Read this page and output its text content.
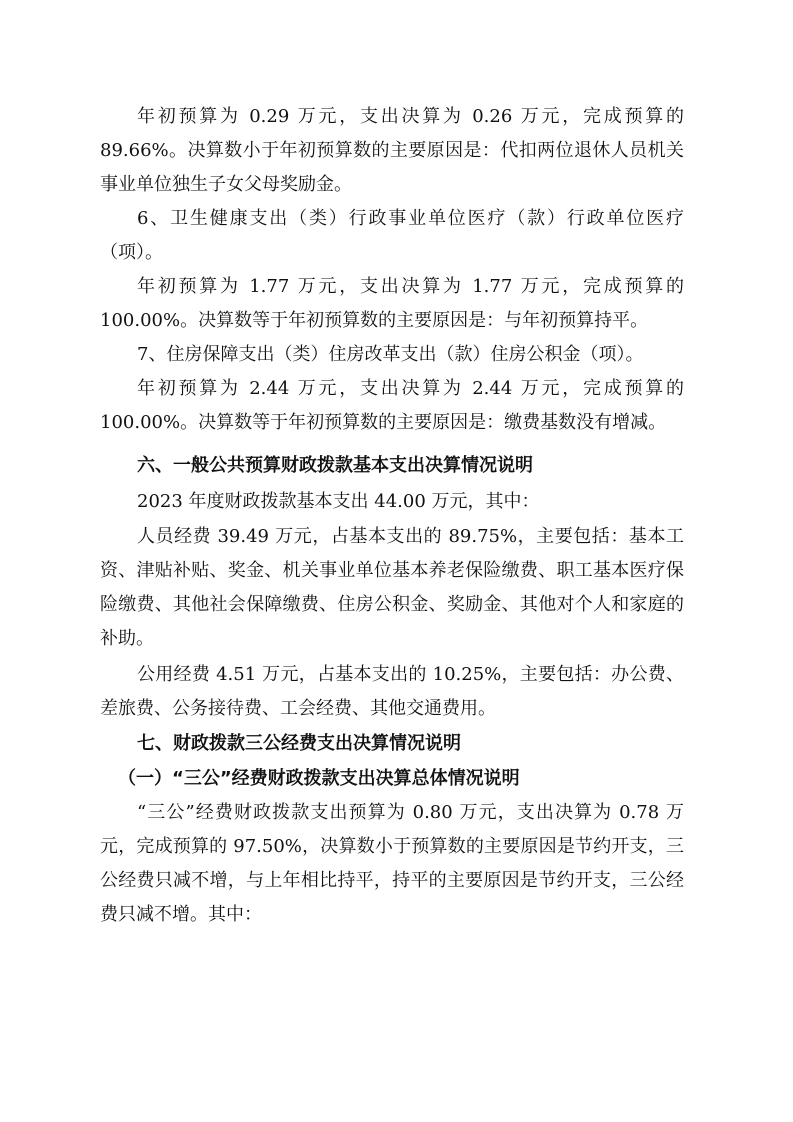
年初预算为 0.29 万元，支出决算为 0.26 万元，完成预算的 89.66%。决算数小于年初预算数的主要原因是：代扣两位退休人员机关事业单位独生子女父母奖励金。
6、卫生健康支出（类）行政事业单位医疗（款）行政单位医疗（项）。
年初预算为 1.77 万元，支出决算为 1.77 万元，完成预算的 100.00%。决算数等于年初预算数的主要原因是：与年初预算持平。
7、住房保障支出（类）住房改革支出（款）住房公积金（项）。
年初预算为 2.44 万元，支出决算为 2.44 万元，完成预算的 100.00%。决算数等于年初预算数的主要原因是：缴费基数没有增减。
六、一般公共预算财政拨款基本支出决算情况说明
2023 年度财政拨款基本支出 44.00 万元，其中：
人员经费 39.49 万元，占基本支出的 89.75%，主要包括：基本工资、津贴补贴、奖金、机关事业单位基本养老保险缴费、职工基本医疗保险缴费、其他社会保障缴费、住房公积金、奖励金、其他对个人和家庭的补助。
公用经费 4.51 万元，占基本支出的 10.25%，主要包括：办公费、差旅费、公务接待费、工会经费、其他交通费用。
七、财政拨款三公经费支出决算情况说明
（一）“三公”经费财政拨款支出决算总体情况说明
“三公”经费财政拨款支出预算为 0.80 万元，支出决算为 0.78 万元，完成预算的 97.50%，决算数小于预算数的主要原因是节约开支，三公经费只减不增，与上年相比持平，持平的主要原因是节约开支，三公经费只减不增。其中：
